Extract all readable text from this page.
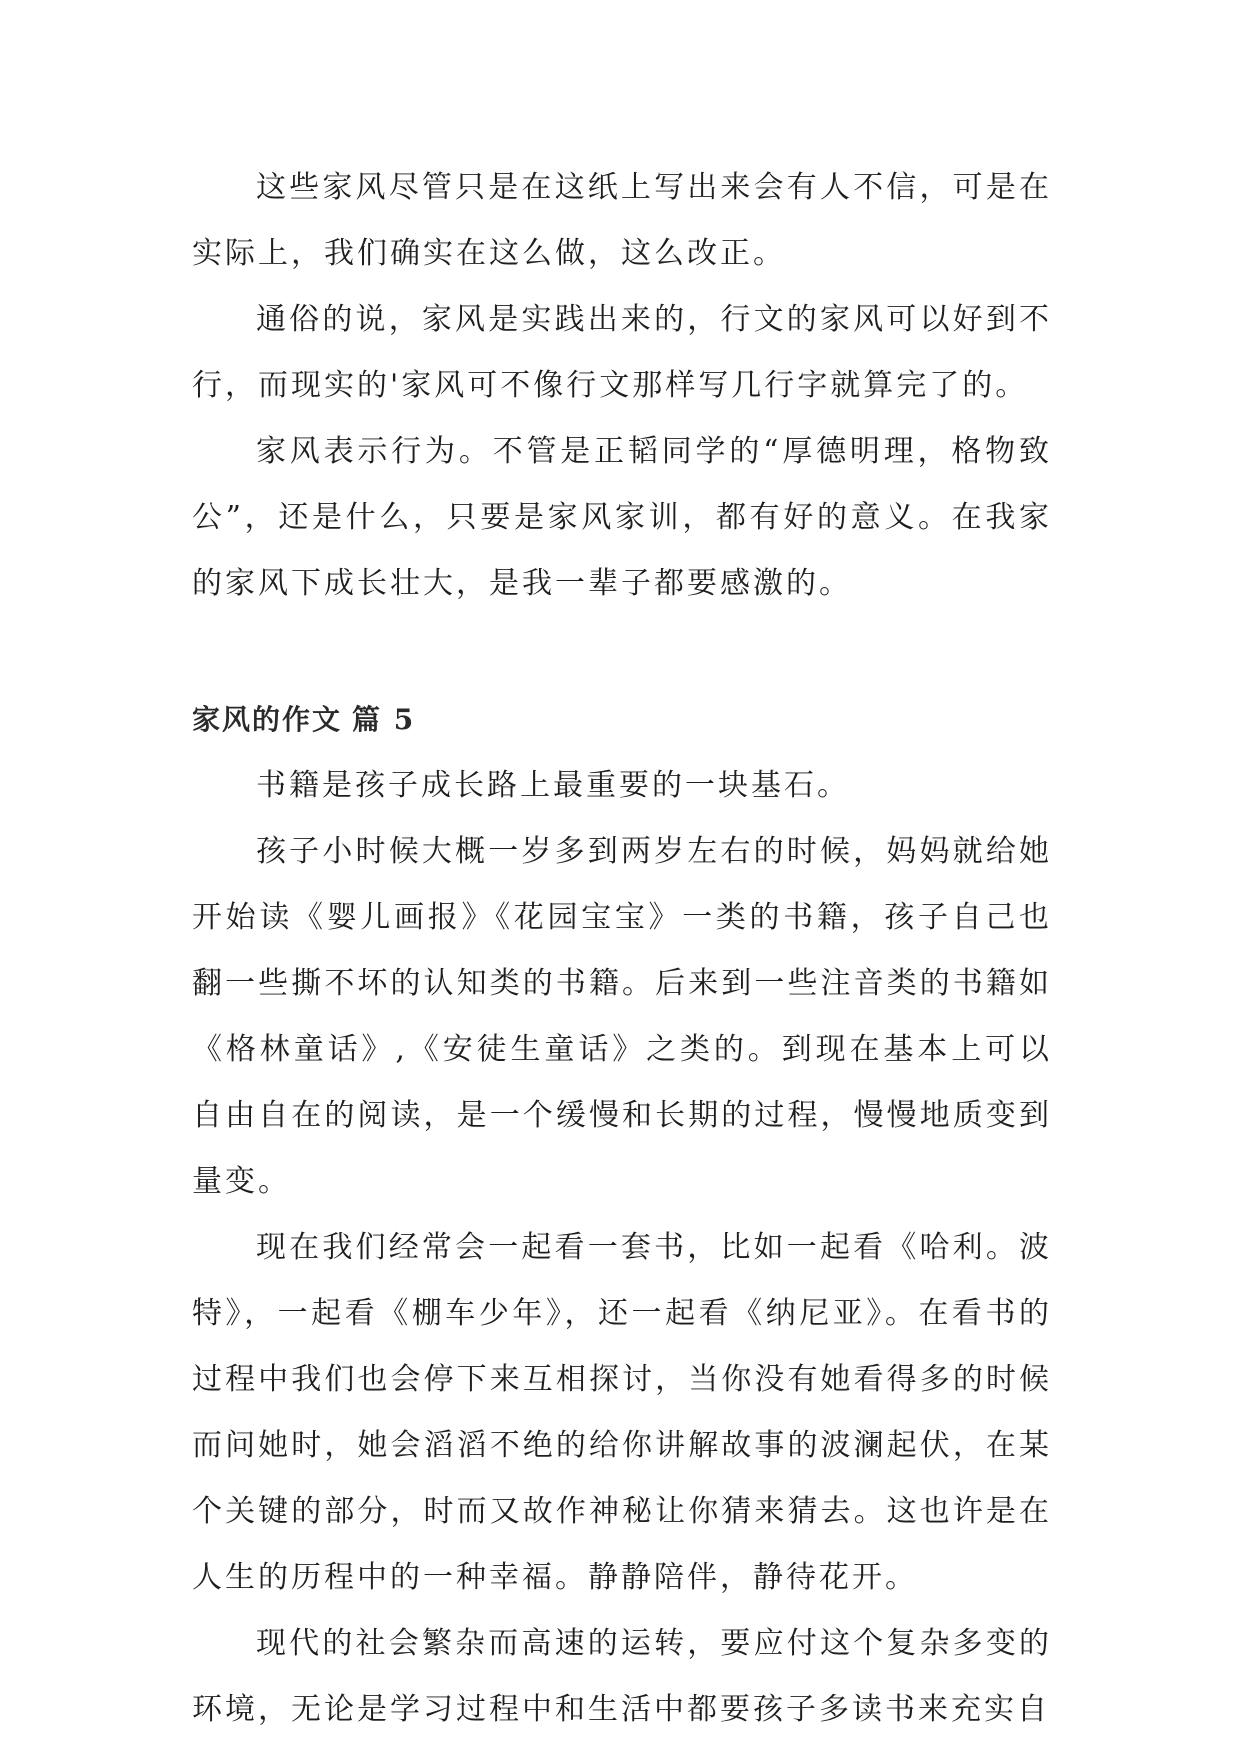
这些家风尽管只是在这纸上写出来会有人不信，可是在实际上，我们确实在这么做，这么改正。

通俗的说，家风是实践出来的，行文的家风可以好到不行，而现实的'家风可不像行文那样写几行字就算完了的。

家风表示行为。不管是正韬同学的“厚德明理，格物致公”，还是什么，只要是家风家训，都有好的意义。在我家的家风下成长壮大，是我一辈子都要感激的。

家风的作文 篇 5

书籍是孩子成长路上最重要的一块基石。

孩子小时候大概一岁多到两岁左右的时候，妈妈就给她开始读《婴儿画报》《花园宝宝》一类的书籍，孩子自己也翻一些撕不坏的认知类的书籍。后来到一些注音类的书籍如《格林童话》,《安徒生童话》之类的。到现在基本上可以自由自在的阅读，是一个缓慢和长期的过程，慢慢地质变到量变。

现在我们经常会一起看一套书，比如一起看《哈利。波特》，一起看《棚车少年》，还一起看《纳尼亚》。在看书的过程中我们也会停下来互相探讨，当你没有她看得多的时候而问她时，她会滔滔不绝的给你讲解故事的波澜起伏，在某个关键的部分，时而又故作神秘让你猜来猜去。这也许是在人生的历程中的一种幸福。静静陪伴，静待花开。

现代的社会繁杂而高速的运转，要应付这个复杂多变的环境，无论是学习过程中和生活中都要孩子多读书来充实自
